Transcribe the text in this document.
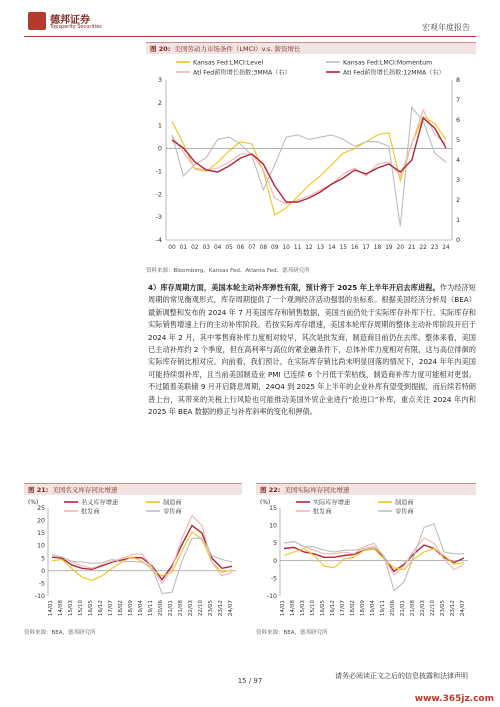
德邦证券
Topsperity Securities	宏观年度报告
图 20: 美国劳动力市场条件（LMCI）v.s. 薪资增长
Kansas Fed:LMCI:Level	Kansas Fed:LMCI:Momentum
Atl Fed薪资增长指数:3MMA（右）	Atl Fed薪资增长指数:12MMA（右）
3
2
1
0
-1
-2
-3
-4
8
7
6
5
4
3
2
1
0
00 01 02 03 04 05 06 07 08 09 10 11 12 13 14 15 16 17 18 19 20 21 22 23 24
资料来源：Bloomberg、Kansas Fed、Atlanta Fed、德邦研究所

4）库存周期方面，美国本轮主动补库弹性有限，预计将于 2025 年上半年开启去库进程。作为经济短周期的常见衡观形式，库存周期提供了一个观测经济活动强弱的坐标系。根据美国经济分析局（BEA）最新调整和发布的 2024 年 7 月美国库存和销售数据，美国当前仍处于实际库存补库下行、实际库存和实际销售增速上行的主动补库阶段。若按实际库存增速，美国本轮库存周期的整体主动补库阶段开启于 2024 年 2 月，其中零售商补库力度相对较早，其次是批发商，制造商目前仍在去库。整体来看，美国已主动补库约 2 个季度，但在高利率与高位的紧金融条件下，总体补库力度相对有限，这与高位徘徊的实际库存销比相对应。向前看，我们预计，在实际库存销比尚未明显回落的情况下，2024 年年内美国可能持续弱补库，且当前美国制造业 PMI 已连续 6 个月低于荣枯线，制造商补库力度可能相对更弱。不过随着美联储 9 月开启降息周期，24Q4 到 2025 年上半年的企业补库有望受到提振，而后续若特朗普上台，其带来的关税上行风险也可能推动美国外贸企业进行“抢进口”补库，重点关注 2024 年内和 2025 年 BEA 数据的修正与补库斜率的变化和押债。

图 21: 美国名义库存同比增速
名义库存增速	制造商
批发商	零售商
(%)
25
20
15
10
5
0
-5
-10
14/01 14/08 15/03 15/10 16/05 16/12 17/07 18/02 18/09 19/04 19/11 20/06 21/01 21/08 22/03 22/10 23/05 23/12 24/07
资料来源：BEA，德邦研究所
图 22: 美国实际库存同比增速
实际库存增速	制造商
批发商	零售商
(%)
15
10
5
0
-5
-10
14/01 14/08 15/03 15/10 16/05 16/12 17/07 18/02 18/09 19/04 19/11 20/06 21/01 21/08 22/03 22/10 23/05 23/12 24/07
资料来源：BEA，德邦研究所
15 / 97
请务必阅读正文之后的信息披露和法律声明
www.365jz.com
